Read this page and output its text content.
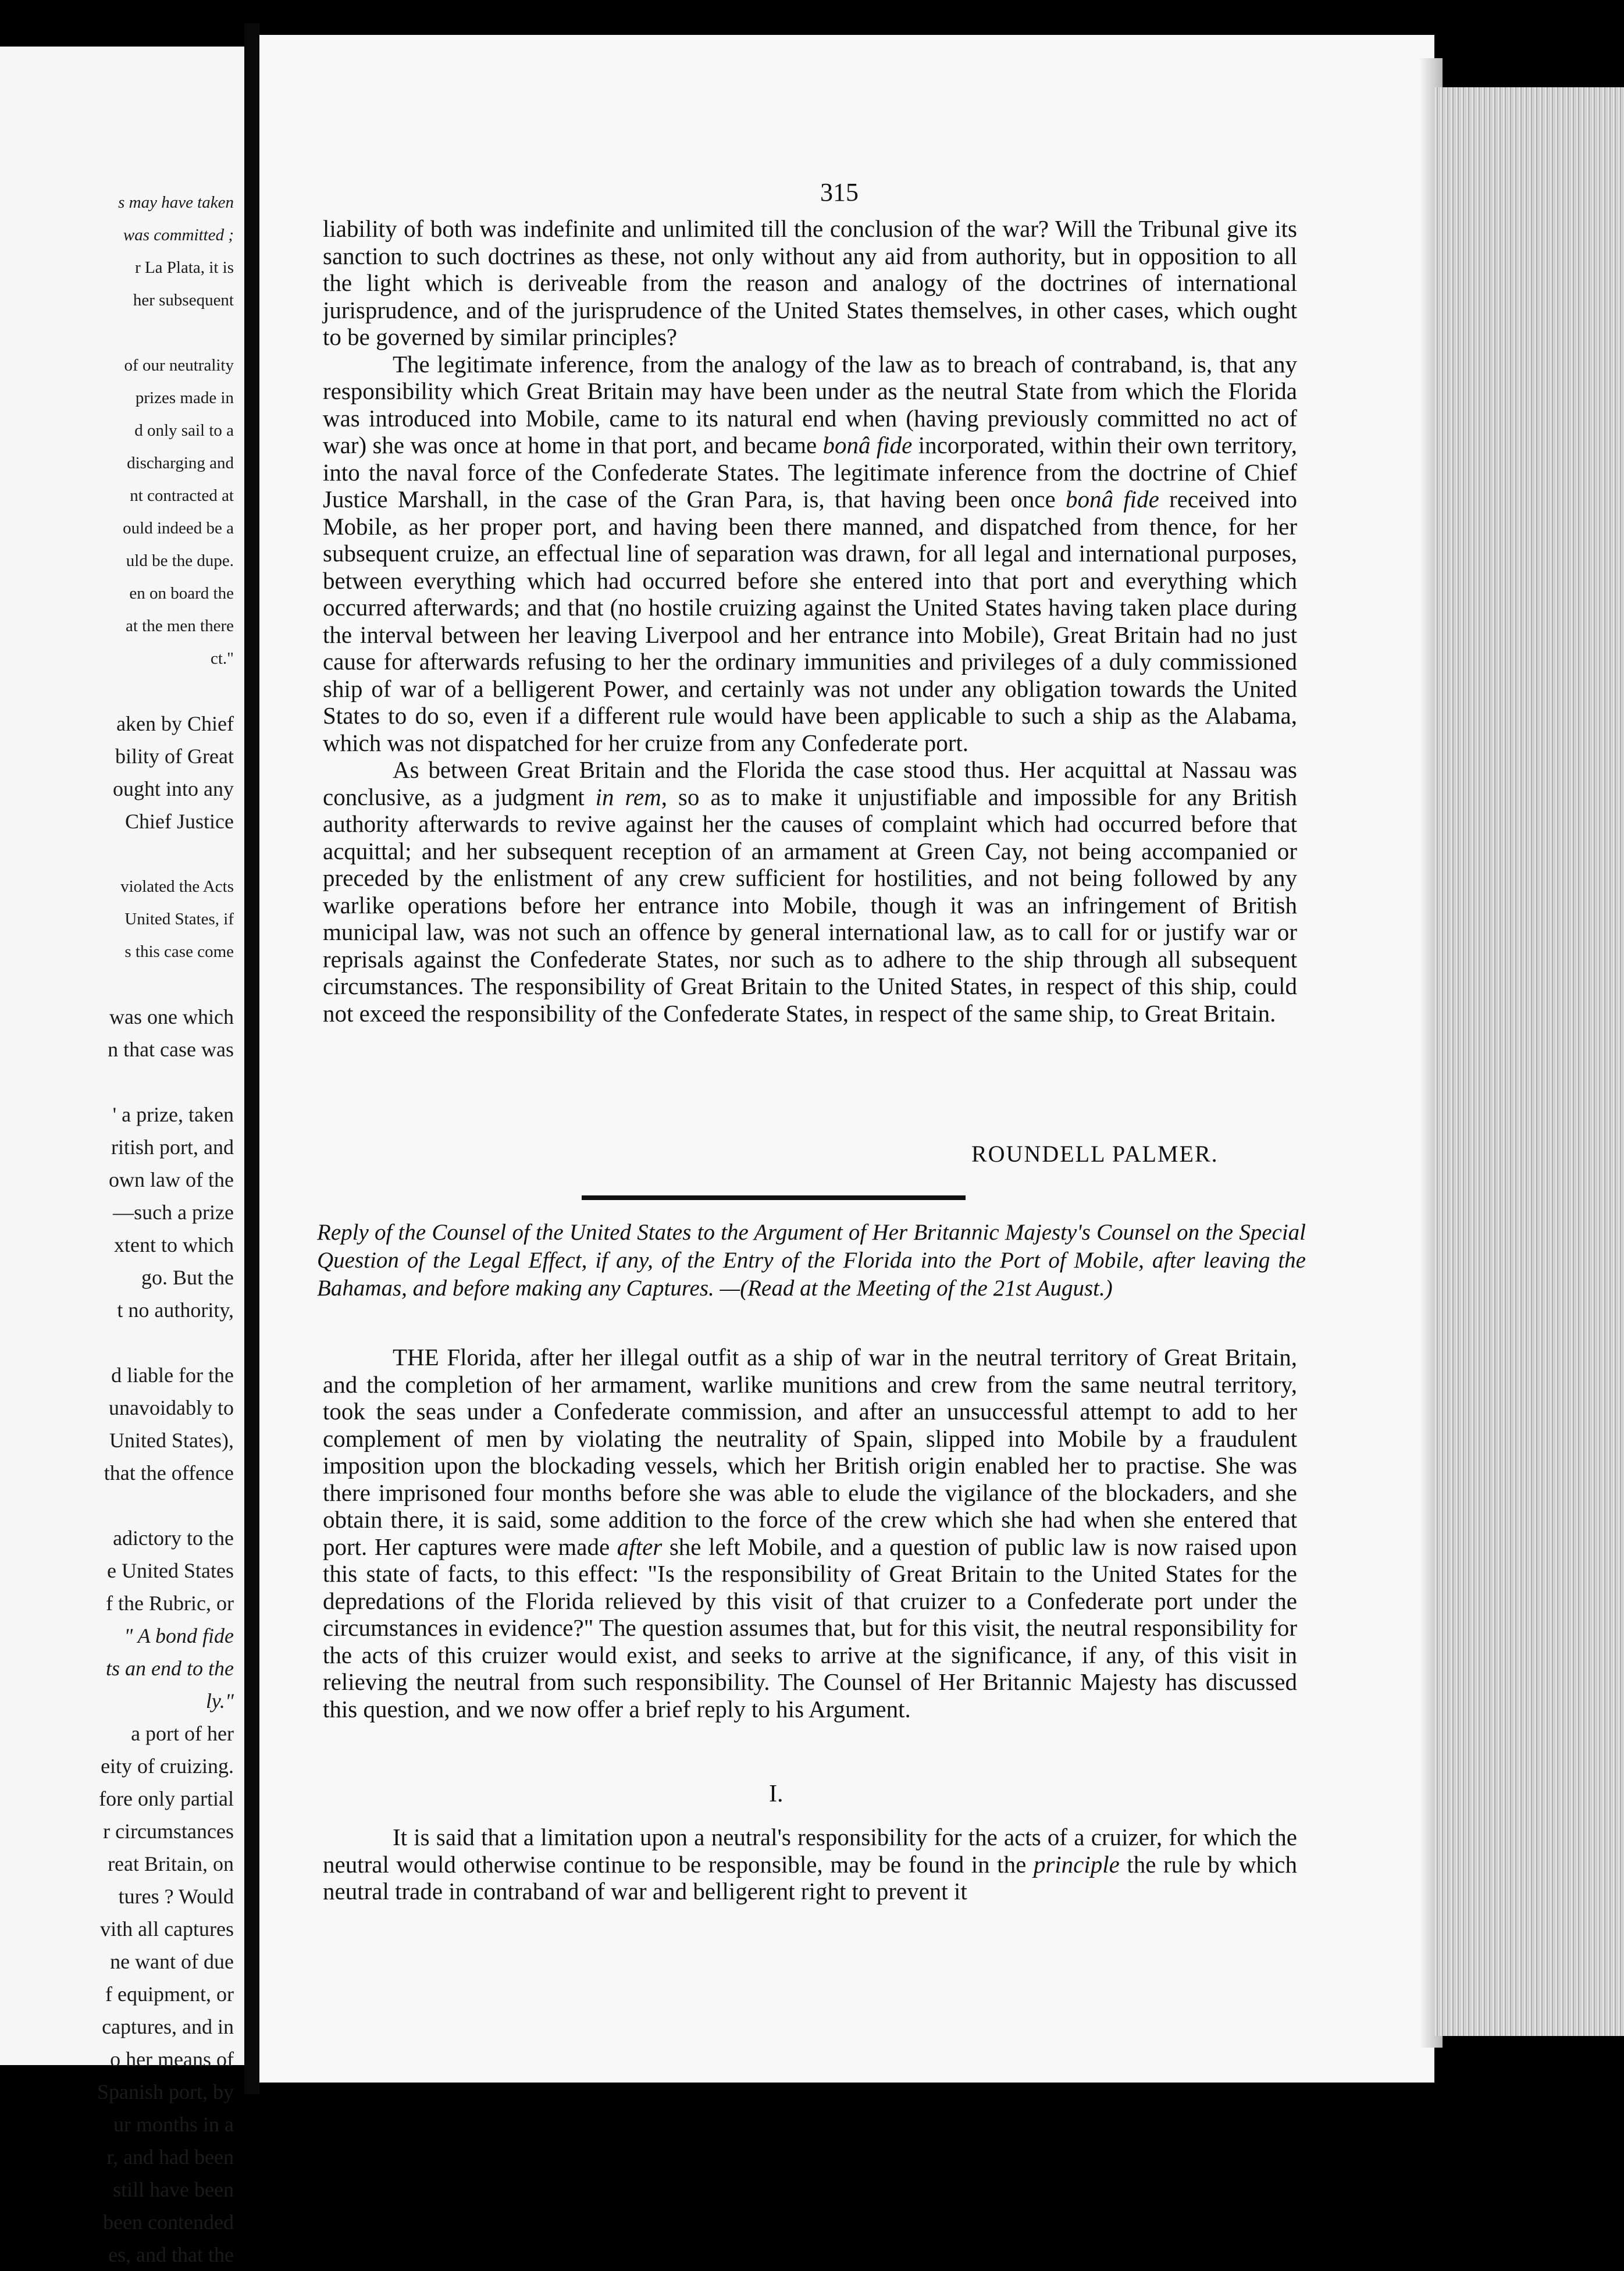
s may have taken
was committed ;
r La Plata, it is
her subsequent
of our neutrality
prizes made in
d only sail to a
discharging and
nt contracted at
ould indeed be a
uld be the dupe.
en on board the
at the men there
ct."
aken by Chief
bility of Great
ought into any
Chief Justice
violated the Acts
United States, if
s this case come
was one which
n that case was
' a prize, taken
ritish port, and
own law of the
—such a prize
xtent to which
go. But the
t no authority,
d liable for the
unavoidably to
United States),
that the offence
adictory to the
e United States
f the Rubric, or
" A bond fide
ts an end to the
ly."
a port of her
eity of cruizing.
fore only partial
r circumstances
reat Britain, on
tures ? Would
vith all captures
ne want of due
f equipment, or
captures, and in
o her means of
Spanish port, by
ur months in a
r, and had been
still have been
been contended
es, and that the
315

liability of both was indefinite and unlimited till the conclusion of the war? Will the Tribunal give its sanction to such doctrines as these, not only without any aid from authority, but in opposition to all the light which is deriveable from the reason and analogy of the doctrines of international jurisprudence, and of the jurisprudence of the United States themselves, in other cases, which ought to be governed by similar principles?

The legitimate inference, from the analogy of the law as to breach of contraband, is, that any responsibility which Great Britain may have been under as the neutral State from which the Florida was introduced into Mobile, came to its natural end when (having previously committed no act of war) she was once at home in that port, and became bonâ fide incorporated, within their own territory, into the naval force of the Confederate States. The legitimate inference from the doctrine of Chief Justice Marshall, in the case of the Gran Para, is, that having been once bonâ fide received into Mobile, as her proper port, and having been there manned, and dispatched from thence, for her subsequent cruize, an effectual line of separation was drawn, for all legal and international purposes, between everything which had occurred before she entered into that port and everything which occurred afterwards; and that (no hostile cruizing against the United States having taken place during the interval between her leaving Liverpool and her entrance into Mobile), Great Britain had no just cause for afterwards refusing to her the ordinary immunities and privileges of a duly commissioned ship of war of a belligerent Power, and certainly was not under any obligation towards the United States to do so, even if a different rule would have been applicable to such a ship as the Alabama, which was not dispatched for her cruize from any Confederate port.

As between Great Britain and the Florida the case stood thus. Her acquittal at Nassau was conclusive, as a judgment in rem, so as to make it unjustifiable and impossible for any British authority afterwards to revive against her the causes of complaint which had occurred before that acquittal; and her subsequent reception of an armament at Green Cay, not being accompanied or preceded by the enlistment of any crew sufficient for hostilities, and not being followed by any warlike operations before her entrance into Mobile, though it was an infringement of British municipal law, was not such an offence by general international law, as to call for or justify war or reprisals against the Confederate States, nor such as to adhere to the ship through all subsequent circumstances. The responsibility of Great Britain to the United States, in respect of this ship, could not exceed the responsibility of the Confederate States, in respect of the same ship, to Great Britain.

ROUNDELL PALMER.
Reply of the Counsel of the United States to the Argument of Her Britannic Majesty's Counsel on the Special Question of the Legal Effect, if any, of the Entry of the Florida into the Port of Mobile, after leaving the Bahamas, and before making any Captures. —(Read at the Meeting of the 21st August.)

THE Florida, after her illegal outfit as a ship of war in the neutral territory of Great Britain, and the completion of her armament, warlike munitions and crew from the same neutral territory, took the seas under a Confederate commission, and after an unsuccessful attempt to add to her complement of men by violating the neutrality of Spain, slipped into Mobile by a fraudulent imposition upon the blockading vessels, which her British origin enabled her to practise. She was there imprisoned four months before she was able to elude the vigilance of the blockaders, and she obtain there, it is said, some addition to the force of the crew which she had when she entered that port. Her captures were made after she left Mobile, and a question of public law is now raised upon this state of facts, to this effect: "Is the responsibility of Great Britain to the United States for the depredations of the Florida relieved by this visit of that cruizer to a Confederate port under the circumstances in evidence?" The question assumes that, but for this visit, the neutral responsibility for the acts of this cruizer would exist, and seeks to arrive at the significance, if any, of this visit in relieving the neutral from such responsibility. The Counsel of Her Britannic Majesty has discussed this question, and we now offer a brief reply to his Argument.

I.

It is said that a limitation upon a neutral's responsibility for the acts of a cruizer, for which the neutral would otherwise continue to be responsible, may be found in the principle the rule by which neutral trade in contraband of war and belligerent right to prevent it
